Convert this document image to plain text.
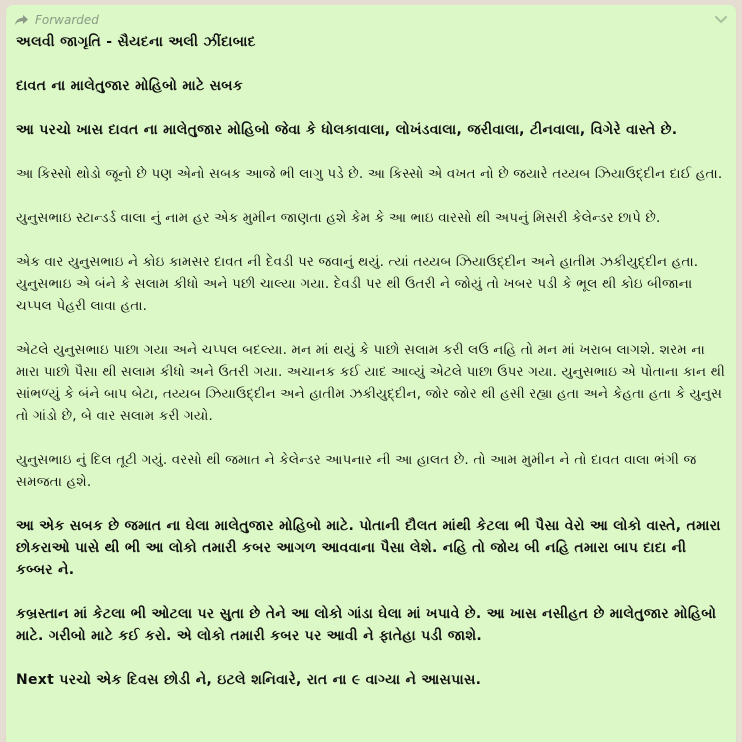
Forwarded

અલવી જાગૃતિ - સૈયદના અલી ઝીંદાબાદ

દાવત ના માલેતુજાર મોહિબો માટે સબક

આ પરચો ખાસ દાવત ના માલેતુજાર મોહિબો જેવા કે ધોલકાવાલા, લોખંડવાલા, જરીવાલા, ટીનવાલા, વિગેરે વાસ્તે છે.

આ કિસ્સો થોડો જૂનો છે પણ એનો સબક આજે ભી લાગુ પડે છે. આ કિસ્સો એ વખત નો છે જયારે તય્યબ ઝિયાઉદ્દીન દાઈ હતા.

યુનુસભાઇ સ્ટાન્ડર્ડ વાલા નું નામ હર એક મુમીન જાણતા હશે કેમ કે આ ભાઇ વારસો થી અપનું મિસરી કેલેન્ડર છાપે છે.

એક વાર યુનુસભાઇ ને કોઇ કામસર દાવત ની દેવડી પર જવાનું થયું. ત્યાં તય્યબ ઝિયાઉદ્દીન અને હાતીમ ઝકીયુદ્દીન હતા. યુનુસભાઇ એ બંને કે સલામ કીધો અને પછી ચાલ્યા ગયા. દેવડી પર થી ઉતરી ને જોયું તો ખબર પડી કે ભૂલ થી કોઇ બીજાના ચપ્પલ પેહરી લાવા હતા.

એટલે યુનુસભાઇ પાછા ગયા અને ચપ્પલ બદલ્યા. મન માં થયું કે પાછો સલામ કરી લઉ નહિ તો મન માં ખરાબ લાગશે. શરમ ના મારા પાછો પૈસા થી સલામ કીધો અને ઉતરી ગયા. અચાનક કઈ યાદ આવ્યું એટલે પાછા ઉપર ગયા. યુનુસભાઇ એ પોતાના કાન થી સાંભળ્યું કે બંને બાપ બેટા, તય્યબ ઝિયાઉદ્દીન અને હાતીમ ઝકીયુદ્દીન, જોર જોર થી હસી રહ્યા હતા અને કેહતા હતા કે યુનુસ તો ગાંડો છે, બે વાર સલામ કરી ગયો.

યુનુસભાઇ નું દિલ તૂટી ગયું. વરસો થી જમાત ને કેલેન્ડર આપનાર ની આ હાલત છે. તો આમ મુમીન ને તો દાવત વાલા ભંગી જ સમજતા હશે.

આ એક સબક છે જમાત ના ઘેલા માલેતુજાર મોહિબો માટે. પોતાની દૌલત માંથી કેટલા ભી પૈસા વેરો આ લોકો વાસ્તે, તમારા છોકરાઓ પાસે થી ભી આ લોકો તમારી કબર આગળ આવવાના પૈસા લેશે. નહિ તો જોય બી નહિ તમારા બાપ દાદા ની કબ્બર ને.

કબ્રસ્તાન માં કેટલા ભી ઓટલા પર સુતા છે તેને આ લોકો ગાંડા ઘેલા માં ખપાવે છે. આ ખાસ નસીહત છે માલેતુજાર મોહિબો માટે. ગરીબો માટે કઈ કરો. એ લોકો તમારી કબર પર આવી ને ફાતેહા પડી જાશે.

Next પરચો એક દિવસ છોડી ને, ઇટલે શનિવારે, રાત ના ૯ વાગ્યા ને આસપાસ.
